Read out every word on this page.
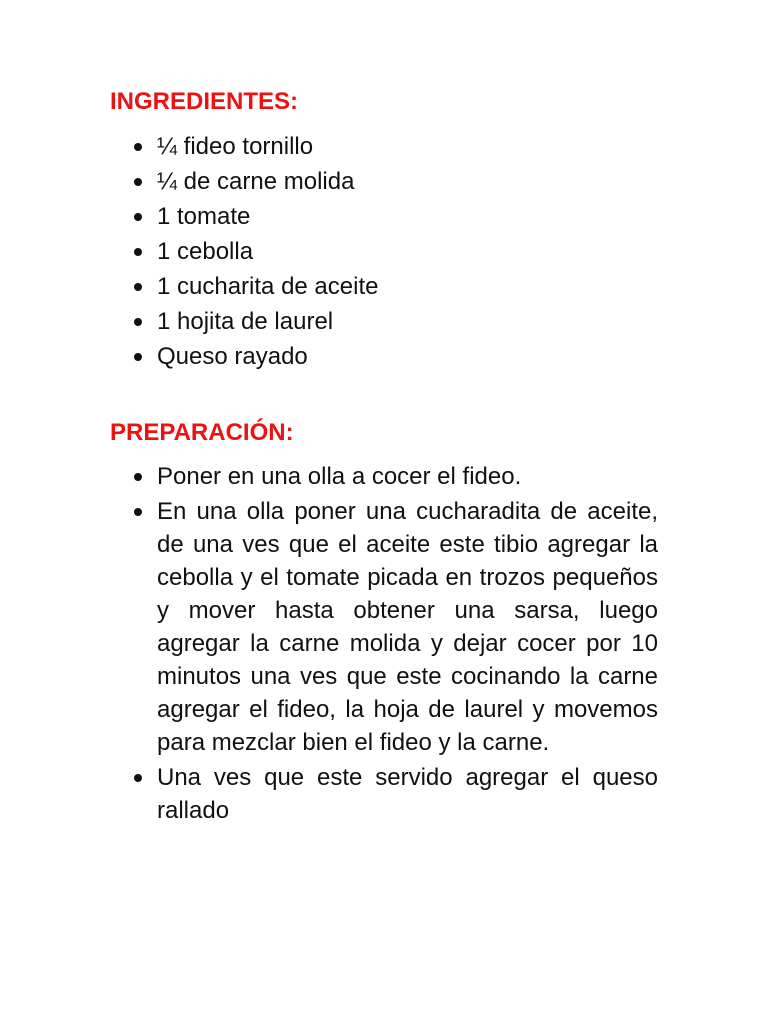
INGREDIENTES:
¼ fideo tornillo
¼ de carne molida
1 tomate
1 cebolla
1 cucharita de aceite
1 hojita de laurel
Queso rayado
PREPARACIÓN:
Poner en una olla a cocer el fideo.
En una olla poner una cucharadita de aceite, de una ves que el aceite este tibio agregar la cebolla y el tomate picada en trozos pequeños y mover hasta obtener una sarsa, luego agregar la carne molida y dejar cocer por 10 minutos una ves que este cocinando la carne agregar el fideo, la hoja de laurel y movemos para mezclar bien el fideo y la carne.
Una ves que este servido agregar el queso rallado
